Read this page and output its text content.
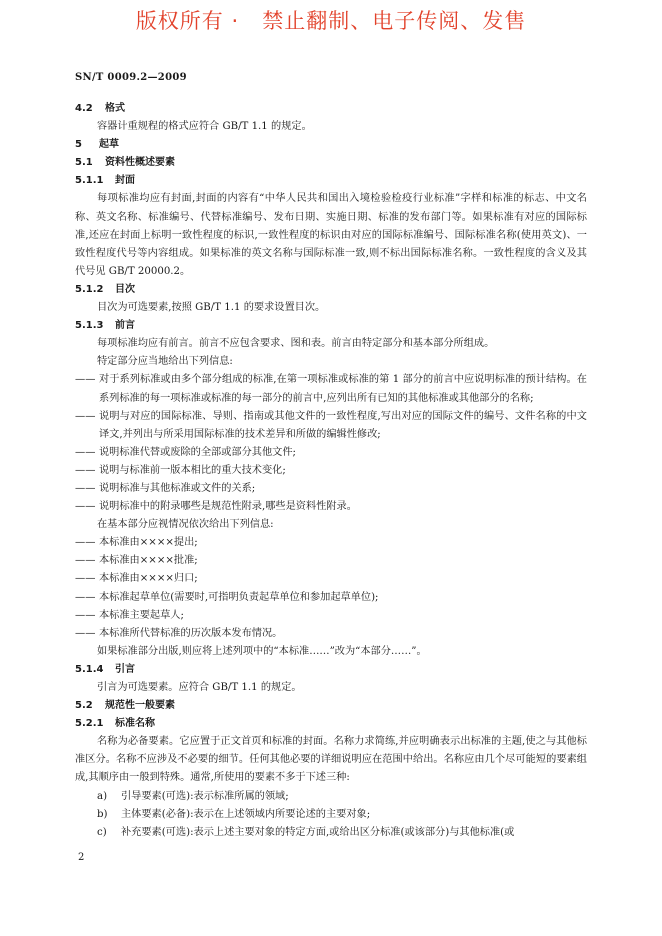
版权所有 ·   禁止翻制、电子传阅、发售
SN/T 0009.2—2009
4.2 格式

容器计重规程的格式应符合 GB/T 1.1 的规定。

5 起草
5.1 资料性概述要素
5.1.1 封面

每项标准均应有封面,封面的内容有“中华人民共和国出入境检验检疫行业标准”字样和标准的标志、中文名称、英文名称、标准编号、代替标准编号、发布日期、实施日期、标准的发布部门等。如果标准有对应的国际标准,还应在封面上标明一致性程度的标识,一致性程度的标识由对应的国际标准编号、国际标准名称(使用英文)、一致性程度代号等内容组成。如果标准的英文名称与国际标准一致,则不标出国际标准名称。一致性程度的含义及其代号见 GB/T 20000.2。

5.1.2 目次

目次为可选要素,按照 GB/T 1.1 的要求设置目次。

5.1.3 前言

每项标准均应有前言。前言不应包含要求、图和表。前言由特定部分和基本部分所组成。

特定部分应当地给出下列信息:

—— 对于系列标准或由多个部分组成的标准,在第一项标准或标准的第 1 部分的前言中应说明标准的预计结构。在系列标准的每一项标准或标准的每一部分的前言中,应列出所有已知的其他标准或其他部分的名称;
—— 说明与对应的国际标准、导则、指南或其他文件的一致性程度,写出对应的国际文件的编号、文件名称的中文译文,并列出与所采用国际标准的技术差异和所做的编辑性修改;
—— 说明标准代替或废除的全部或部分其他文件;
—— 说明与标准前一版本相比的重大技术变化;
—— 说明标准与其他标准或文件的关系;
—— 说明标准中的附录哪些是规范性附录,哪些是资料性附录。

在基本部分应视情况依次给出下列信息:

—— 本标准由××××提出;
—— 本标准由××××批准;
—— 本标准由××××归口;
—— 本标准起草单位(需要时,可指明负责起草单位和参加起草单位);
—— 本标准主要起草人;
—— 本标准所代替标准的历次版本发布情况。

如果标准部分出版,则应将上述列项中的“本标准……”改为“本部分……”。

5.1.4 引言

引言为可选要素。应符合 GB/T 1.1 的规定。

5.2 规范性一般要素
5.2.1 标准名称

名称为必备要素。它应置于正文首页和标准的封面。名称力求简练,并应明确表示出标准的主题,使之与其他标准区分。名称不应涉及不必要的细节。任何其他必要的详细说明应在范围中给出。名称应由几个尽可能短的要素组成,其顺序由一般到特殊。通常,所使用的要素不多于下述三种:

a)	引导要素(可选):表示标准所属的领域;
b)	主体要素(必备):表示在上述领域内所要论述的主要对象;
c)	补充要素(可选):表示上述主要对象的特定方面,或给出区分标准(或该部分)与其他标准(或
2
